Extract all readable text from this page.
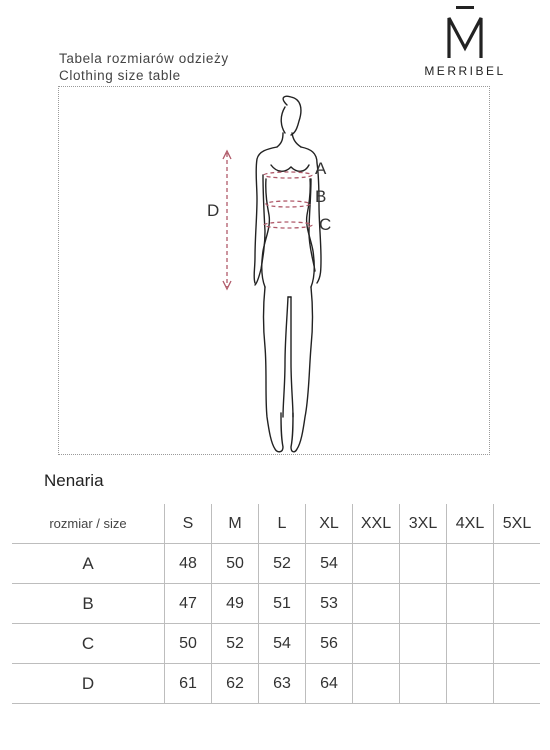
MERRIBEL
Tabela rozmiarów odzieży
Clothing size table
A
B
C
D
Nenaria
rozmiar / size	S	M	L	XL	XXL	3XL	4XL	5XL
A	48	50	52	54				
B	47	49	51	53				
C	50	52	54	56				
D	61	62	63	64				
